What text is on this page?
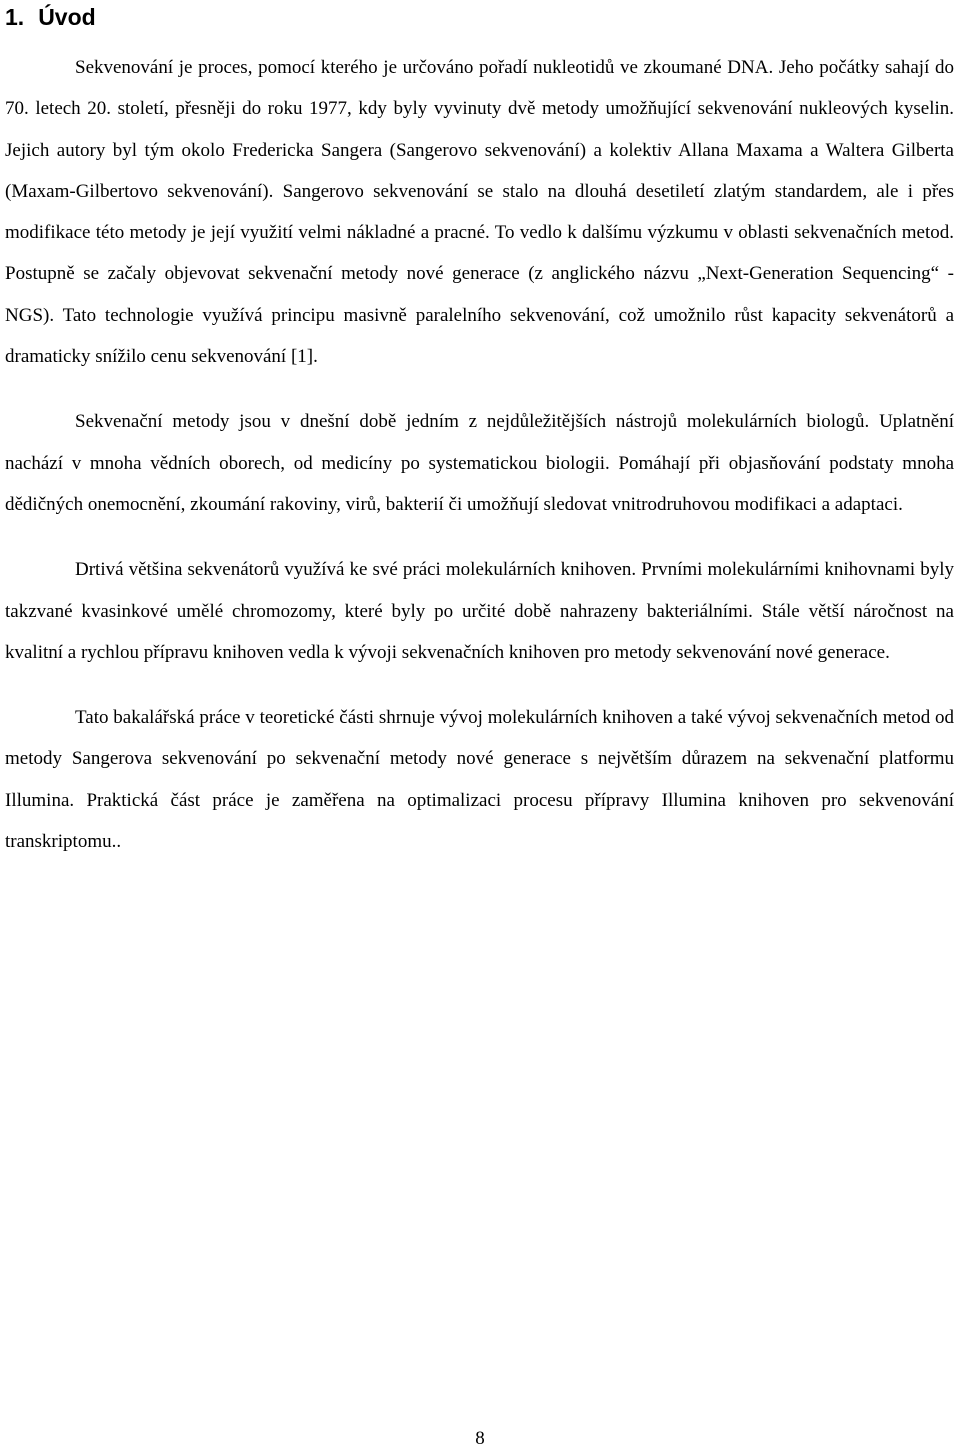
1. Úvod

Sekvenování je proces, pomocí kterého je určováno pořadí nukleotidů ve zkoumané DNA. Jeho počátky sahají do 70. letech 20. století, přesněji do roku 1977, kdy byly vyvinuty dvě metody umožňující sekvenování nukleových kyselin. Jejich autory byl tým okolo Fredericka Sangera (Sangerovo sekvenování) a kolektiv Allana Maxama a Waltera Gilberta (Maxam-Gilbertovo sekvenování). Sangerovo sekvenování se stalo na dlouhá desetiletí zlatým standardem, ale i přes modifikace této metody je její využití velmi nákladné a pracné. To vedlo k dalšímu výzkumu v oblasti sekvenačních metod. Postupně se začaly objevovat sekvenační metody nové generace (z anglického názvu „Next-Generation Sequencing“ - NGS). Tato technologie využívá principu masivně paralelního sekvenování, což umožnilo růst kapacity sekvenátorů a dramaticky snížilo cenu sekvenování [1].

Sekvenační metody jsou v dnešní době jedním z nejdůležitějších nástrojů molekulárních biologů. Uplatnění nachází v mnoha vědních oborech, od medicíny po systematickou biologii. Pomáhají při objasňování podstaty mnoha dědičných onemocnění, zkoumání rakoviny, virů, bakterií či umožňují sledovat vnitrodruhovou modifikaci a adaptaci.

Drtivá většina sekvenátorů využívá ke své práci molekulárních knihoven. Prvními molekulárními knihovnami byly takzvané kvasinkové umělé chromozomy, které byly po určité době nahrazeny bakteriálními. Stále větší náročnost na kvalitní a rychlou přípravu knihoven vedla k vývoji sekvenačních knihoven pro metody sekvenování nové generace.

Tato bakalářská práce v teoretické části shrnuje vývoj molekulárních knihoven a také vývoj sekvenačních metod od metody Sangerova sekvenování po sekvenační metody nové generace s největším důrazem na sekvenační platformu Illumina. Praktická část práce je zaměřena na optimalizaci procesu přípravy Illumina knihoven pro sekvenování transkriptomu..

8
